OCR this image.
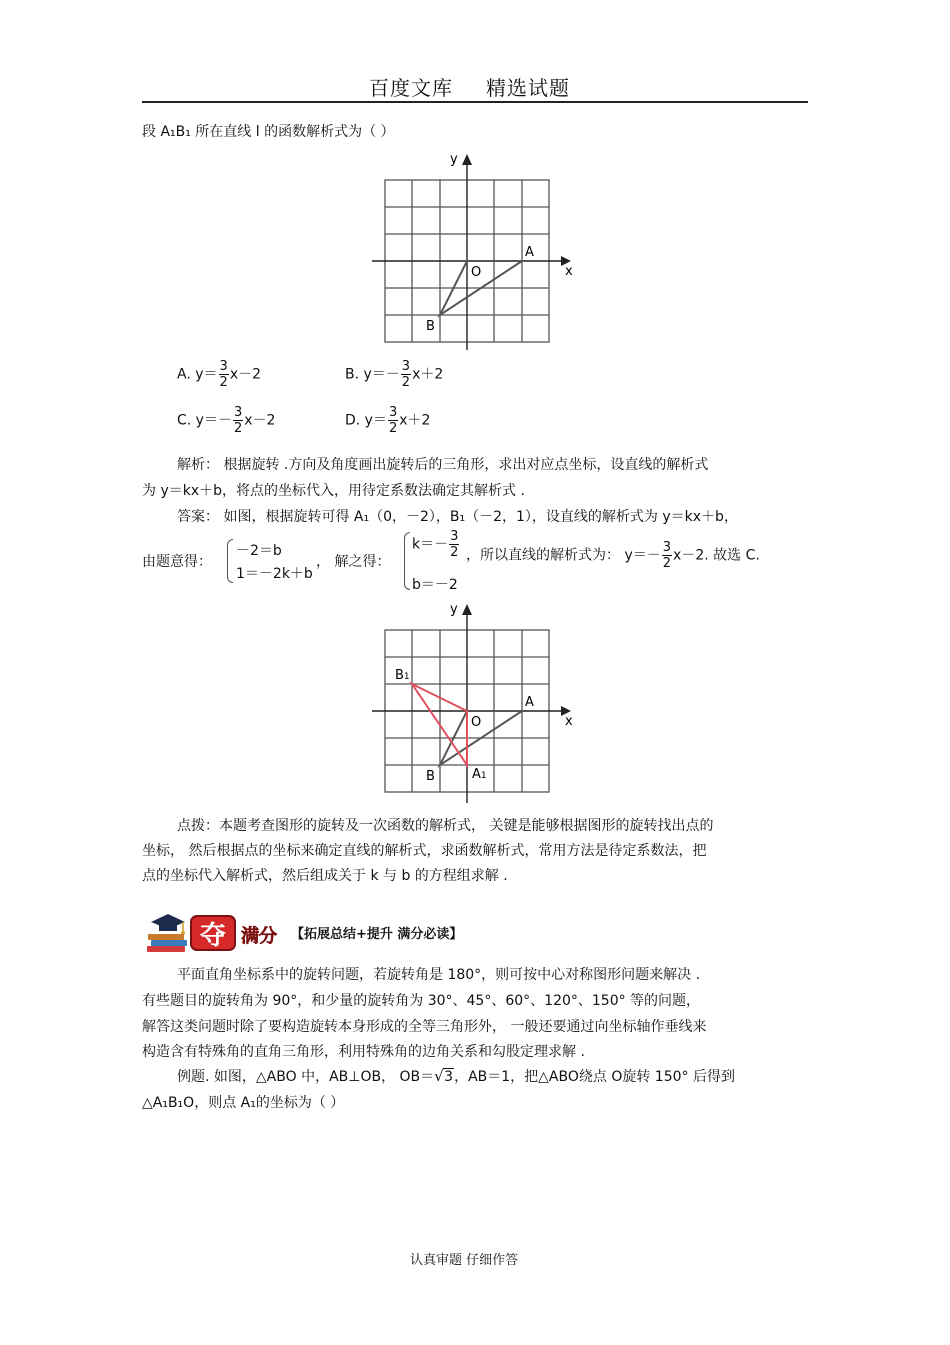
百度文库 精选试题
段 A₁B₁ 所在直线 l 的函数解析式为（ ）
y
x
O
A
B
A. $y= \frac{3}{2} x-2$	B. $y=- \frac{3}{2} x+2$
C. $y=- \frac{3}{2} x-2$	D. $y= \frac{3}{2} x+2$
解析： 根据旋转 .方向及角度画出旋转后的三角形，求出对应点坐标，设直线的解析式
为 y＝kx＋b，将点的坐标代入，用待定系数法确定其解析式 .
答案： 如图，根据旋转可得 A₁（0，－2），B₁（－2，1），设直线的解析式为 y＝kx＋b，
由题意得：
－2＝b
1＝－2k＋b
， 解之得：
$k=- \frac{3}{2}$
b＝－2
，所以直线的解析式为： $y=- \frac{3}{2} x-2$. 故选 C.
y
x
O
A
B
B1
A1
点拨：本题考查图形的旋转及一次函数的解析式， 关键是能够根据图形的旋转找出点的
坐标， 然后根据点的坐标来确定直线的解析式，求函数解析式，常用方法是待定系数法，把
点的坐标代入解析式，然后组成关于 k 与 b 的方程组求解 .
夺 满分 【拓展总结+提升 满分必读】
平面直角坐标系中的旋转问题，若旋转角是 180°，则可按中心对称图形问题来解决 .
有些题目的旋转角为 90°，和少量的旋转角为 30°、45°、60°、120°、150° 等的问题，
解答这类问题时除了要构造旋转本身形成的全等三角形外， 一般还要通过向坐标轴作垂线来
构造含有特殊角的直角三角形，利用特殊角的边角关系和勾股定理求解 .
例题. 如图，△ABO 中，AB⊥OB， OB＝ √ 3，AB＝1，把△ABO绕点 O旋转 150° 后得到
△A₁B₁O，则点 A₁的坐标为（ ）
认真审题 仔细作答
